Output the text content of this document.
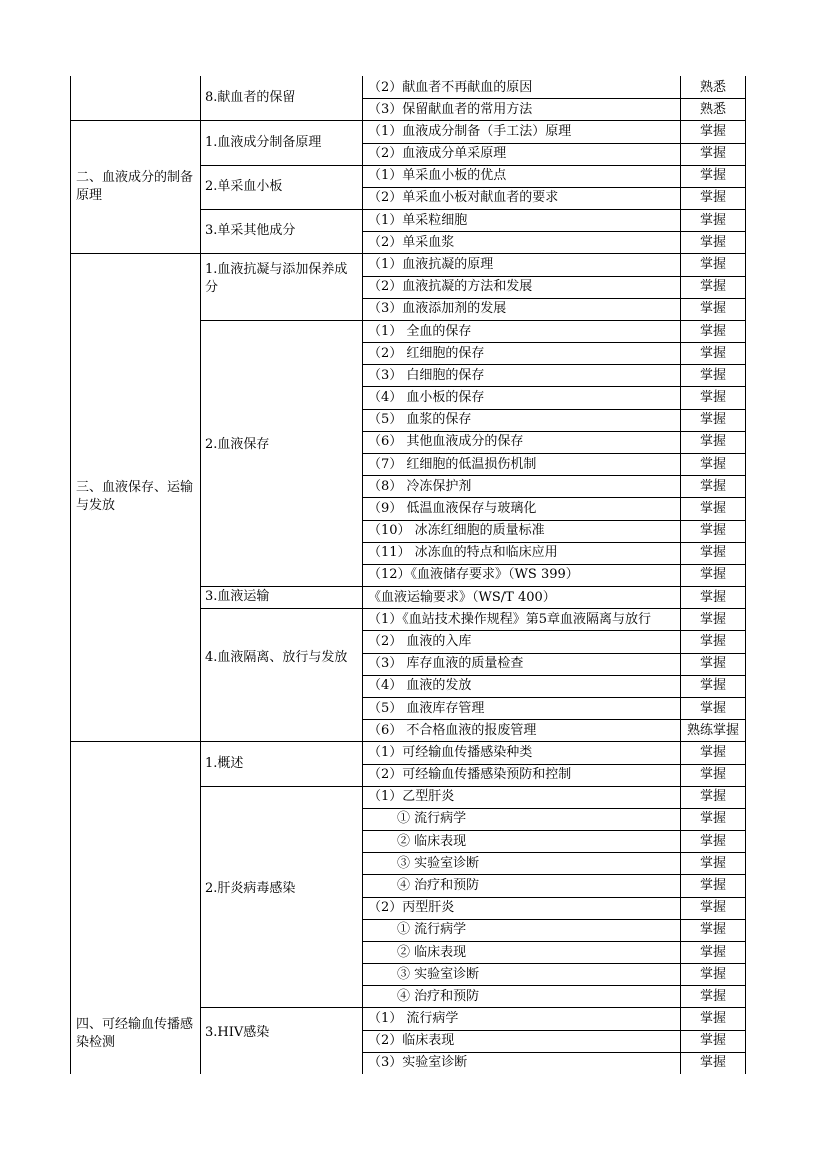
8.献血者的保留
（2）献血者不再献血的原因	熟悉
（3）保留献血者的常用方法	熟悉
二、血液成分的制备原理
1.血液成分制备原理
（1）血液成分制备（手工法）原理	掌握
（2）血液成分单采原理	掌握
2.单采血小板
（1）单采血小板的优点	掌握
（2）单采血小板对献血者的要求	掌握
3.单采其他成分
（1）单采粒细胞	掌握
（2）单采血浆	掌握
三、血液保存、运输与发放
1.血液抗凝与添加保养成分
（1）血液抗凝的原理	掌握
（2）血液抗凝的方法和发展	掌握
（3）血液添加剂的发展	掌握
2.血液保存
（1） 全血的保存	掌握
（2） 红细胞的保存	掌握
（3） 白细胞的保存	掌握
（4） 血小板的保存	掌握
（5） 血浆的保存	掌握
（6） 其他血液成分的保存	掌握
（7） 红细胞的低温损伤机制	掌握
（8） 冷冻保护剂	掌握
（9） 低温血液保存与玻璃化	掌握
（10） 冰冻红细胞的质量标准	掌握
（11） 冰冻血的特点和临床应用	掌握
（12）《血液储存要求》（WS 399）	掌握
3.血液运输	《血液运输要求》（WS/T 400）	掌握
4.血液隔离、放行与发放
（1）《血站技术操作规程》第5章血液隔离与放行	掌握
（2） 血液的入库	掌握
（3） 库存血液的质量检查	掌握
（4） 血液的发放	掌握
（5） 血液库存管理	掌握
（6） 不合格血液的报废管理	熟练掌握
四、可经输血传播感染检测
1.概述
（1）可经输血传播感染种类	掌握
（2）可经输血传播感染预防和控制	掌握
2.肝炎病毒感染
（1）乙型肝炎	掌握
① 流行病学	掌握
② 临床表现	掌握
③ 实验室诊断	掌握
④ 治疗和预防	掌握
（2）丙型肝炎	掌握
① 流行病学	掌握
② 临床表现	掌握
③ 实验室诊断	掌握
④ 治疗和预防	掌握
3.HIV感染
（1） 流行病学	掌握
（2）临床表现	掌握
（3）实验室诊断	掌握
